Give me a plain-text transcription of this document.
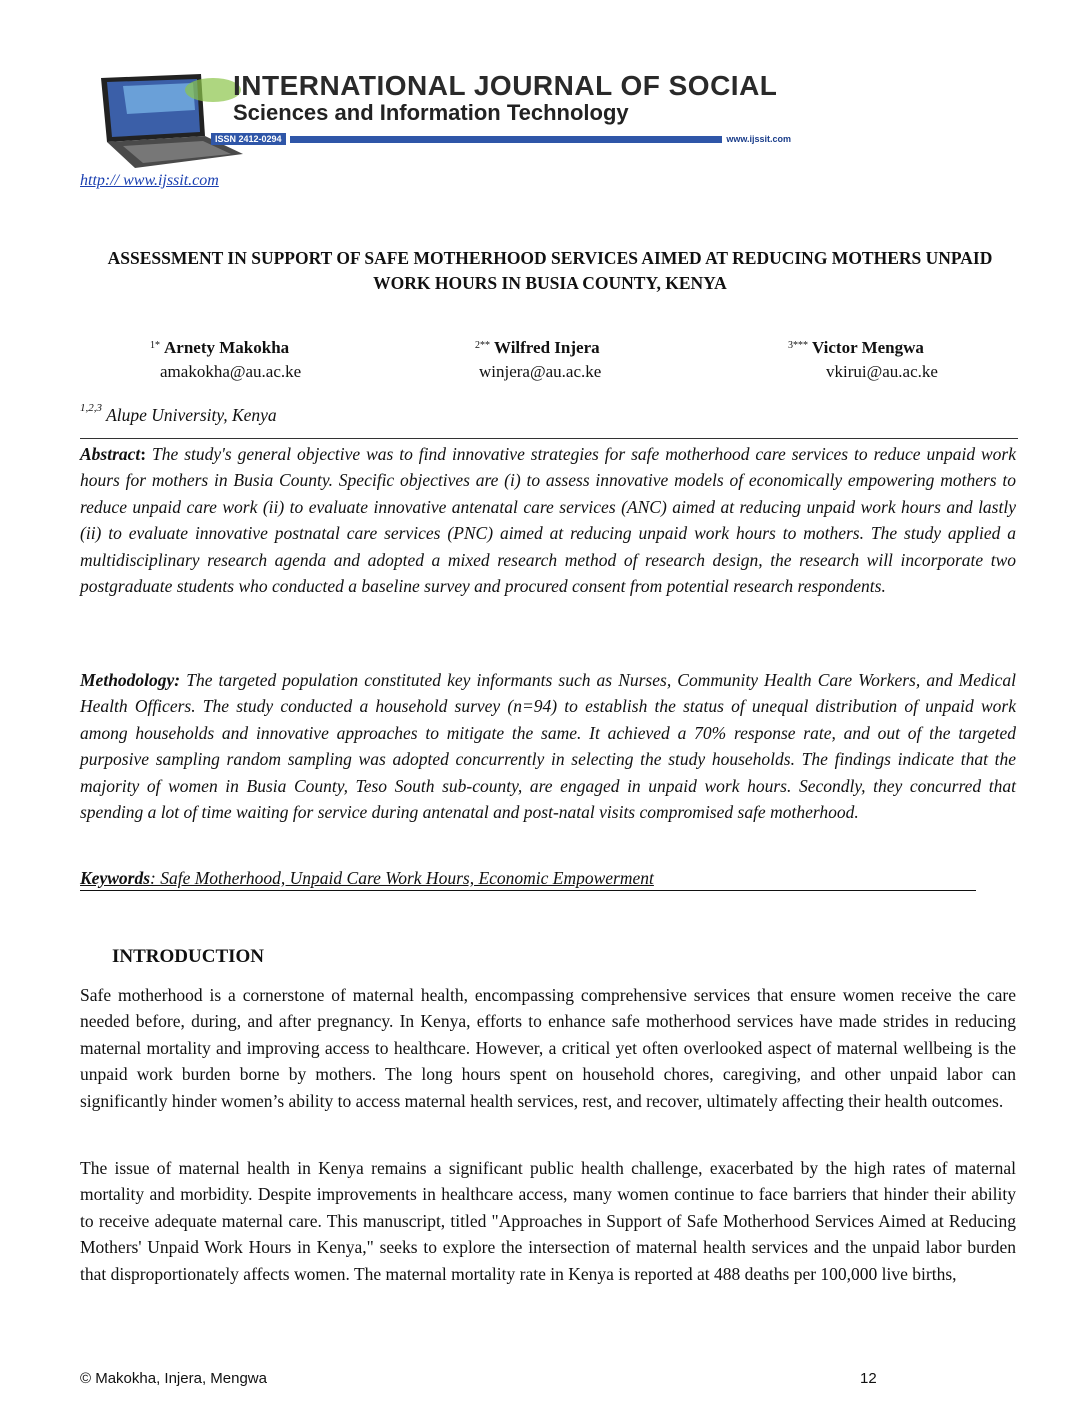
INTERNATIONAL JOURNAL OF SOCIAL
Sciences and Information Technology
ISSN 2412-0294	www.ijssit.com
http:// www.ijssit.com
ASSESSMENT IN SUPPORT OF SAFE MOTHERHOOD SERVICES AIMED AT REDUCING MOTHERS UNPAID WORK HOURS IN BUSIA COUNTY, KENYA
$^{1*}$ Arnety Makokha
amakokha@au.ac.ke
$^{2**}$ Wilfred Injera
winjera@au.ac.ke
$^{3***}$ Victor Mengwa
vkirui@au.ac.ke
$^{1,2,3}$ Alupe University, Kenya

Abstract: The study's general objective was to find innovative strategies for safe motherhood care services to reduce unpaid work hours for mothers in Busia County. Specific objectives are (i) to assess innovative models of economically empowering mothers to reduce unpaid care work (ii) to evaluate innovative antenatal care services (ANC) aimed at reducing unpaid work hours and lastly (ii) to evaluate innovative postnatal care services (PNC) aimed at reducing unpaid work hours to mothers. The study applied a multidisciplinary research agenda and adopted a mixed research method of research design, the research will incorporate two postgraduate students who conducted a baseline survey and procured consent from potential research respondents.

Methodology: The targeted population constituted key informants such as Nurses, Community Health Care Workers, and Medical Health Officers. The study conducted a household survey (n=94) to establish the status of unequal distribution of unpaid work among households and innovative approaches to mitigate the same. It achieved a 70% response rate, and out of the targeted purposive sampling random sampling was adopted concurrently in selecting the study households. The findings indicate that the majority of women in Busia County, Teso South sub-county, are engaged in unpaid work hours. Secondly, they concurred that spending a lot of time waiting for service during antenatal and post-natal visits compromised safe motherhood.

Keywords: Safe Motherhood, Unpaid Care Work Hours, Economic Empowerment
INTRODUCTION

Safe motherhood is a cornerstone of maternal health, encompassing comprehensive services that ensure women receive the care needed before, during, and after pregnancy. In Kenya, efforts to enhance safe motherhood services have made strides in reducing maternal mortality and improving access to healthcare. However, a critical yet often overlooked aspect of maternal wellbeing is the unpaid work burden borne by mothers. The long hours spent on household chores, caregiving, and other unpaid labor can significantly hinder women’s ability to access maternal health services, rest, and recover, ultimately affecting their health outcomes.

The issue of maternal health in Kenya remains a significant public health challenge, exacerbated by the high rates of maternal mortality and morbidity. Despite improvements in healthcare access, many women continue to face barriers that hinder their ability to receive adequate maternal care. This manuscript, titled "Approaches in Support of Safe Motherhood Services Aimed at Reducing Mothers' Unpaid Work Hours in Kenya," seeks to explore the intersection of maternal health services and the unpaid labor burden that disproportionately affects women. The maternal mortality rate in Kenya is reported at 488 deaths per 100,000 live births,

© Makokha, Injera, Mengwa	12
